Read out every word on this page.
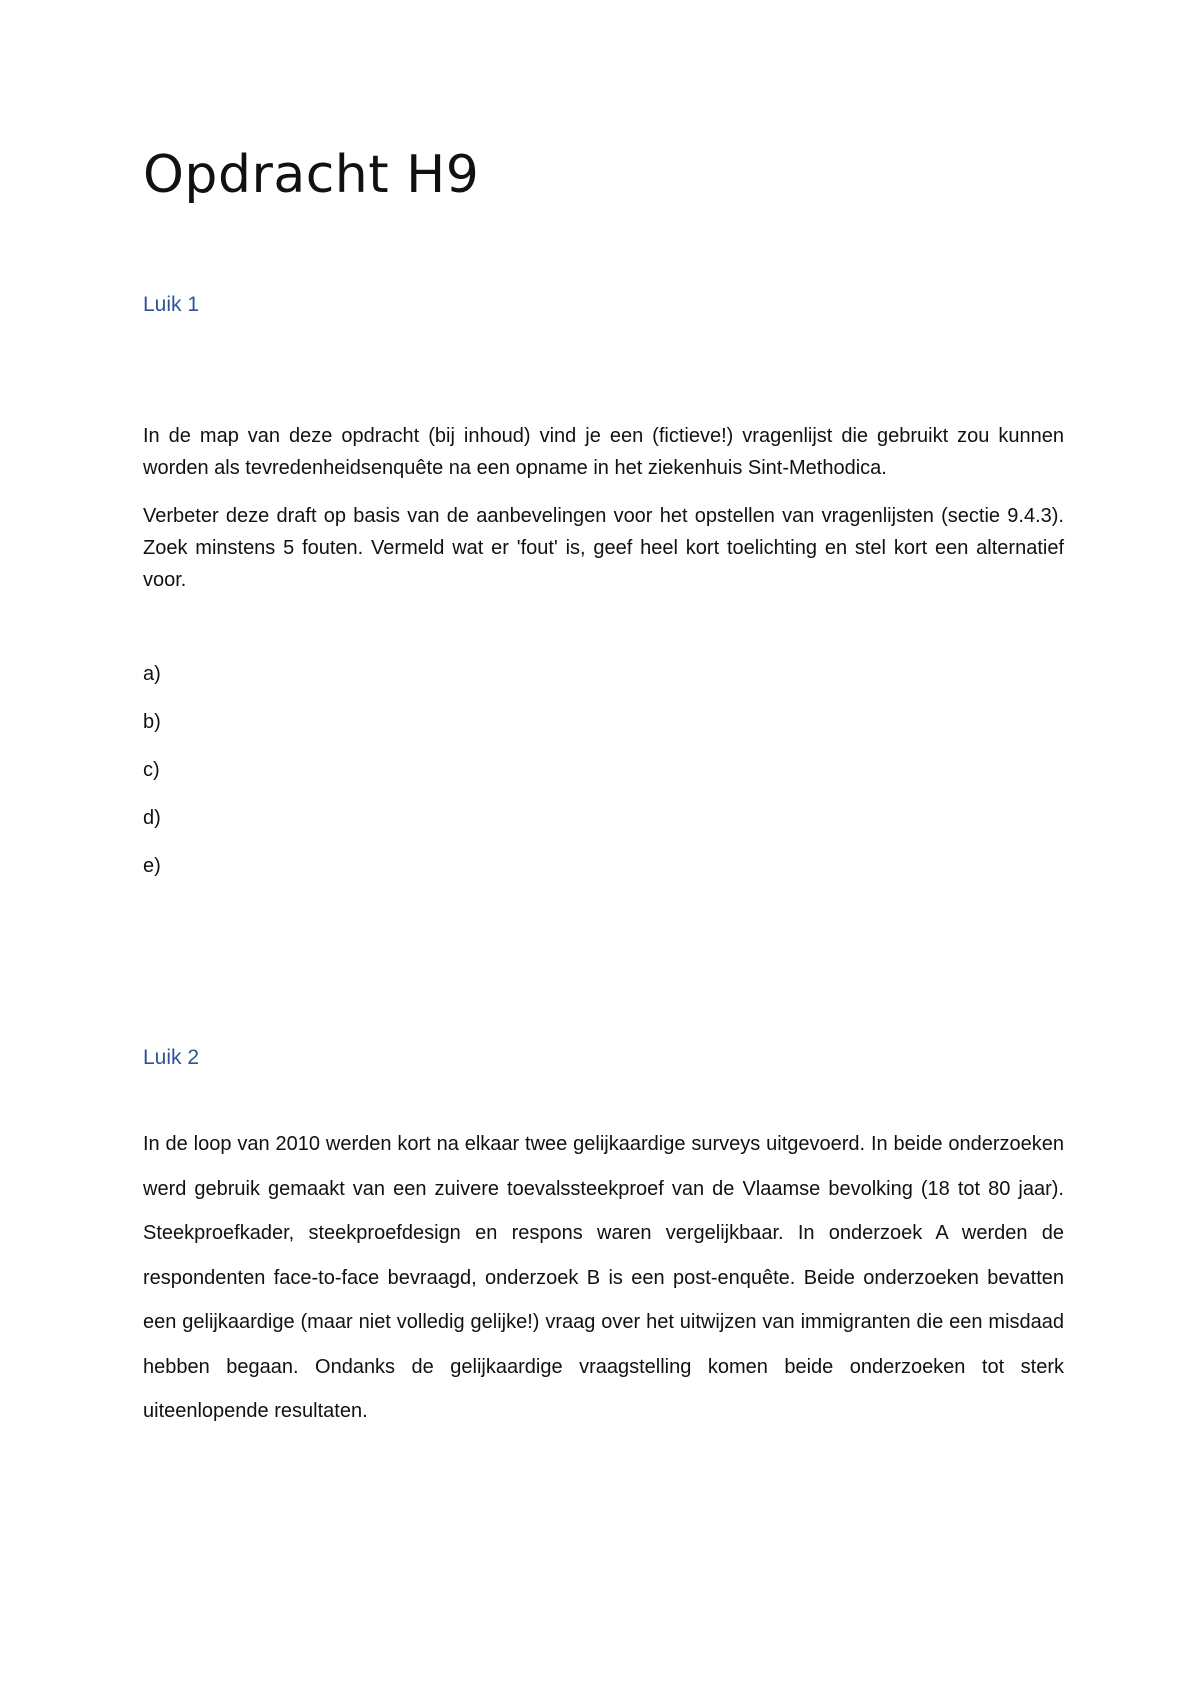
Opdracht H9
Luik 1

In de map van deze opdracht (bij inhoud) vind je een (fictieve!) vragenlijst die gebruikt zou kunnen worden als tevredenheidsenquête na een opname in het ziekenhuis Sint-Methodica.

Verbeter deze draft op basis van de aanbevelingen voor het opstellen van vragenlijsten (sectie 9.4.3). Zoek minstens 5 fouten. Vermeld wat er 'fout' is, geef heel kort toelichting en stel kort een alternatief voor.

a)
b)
c)
d)
e)
Luik 2

In de loop van 2010 werden kort na elkaar twee gelijkaardige surveys uitgevoerd. In beide onderzoeken werd gebruik gemaakt van een zuivere toevalssteekproef van de Vlaamse bevolking (18 tot 80 jaar). Steekproefkader, steekproefdesign en respons waren vergelijkbaar. In onderzoek A werden de respondenten face-to-face bevraagd, onderzoek B is een post-enquête. Beide onderzoeken bevatten een gelijkaardige (maar niet volledig gelijke!) vraag over het uitwijzen van immigranten die een misdaad hebben begaan. Ondanks de gelijkaardige vraagstelling komen beide onderzoeken tot sterk uiteenlopende resultaten.
